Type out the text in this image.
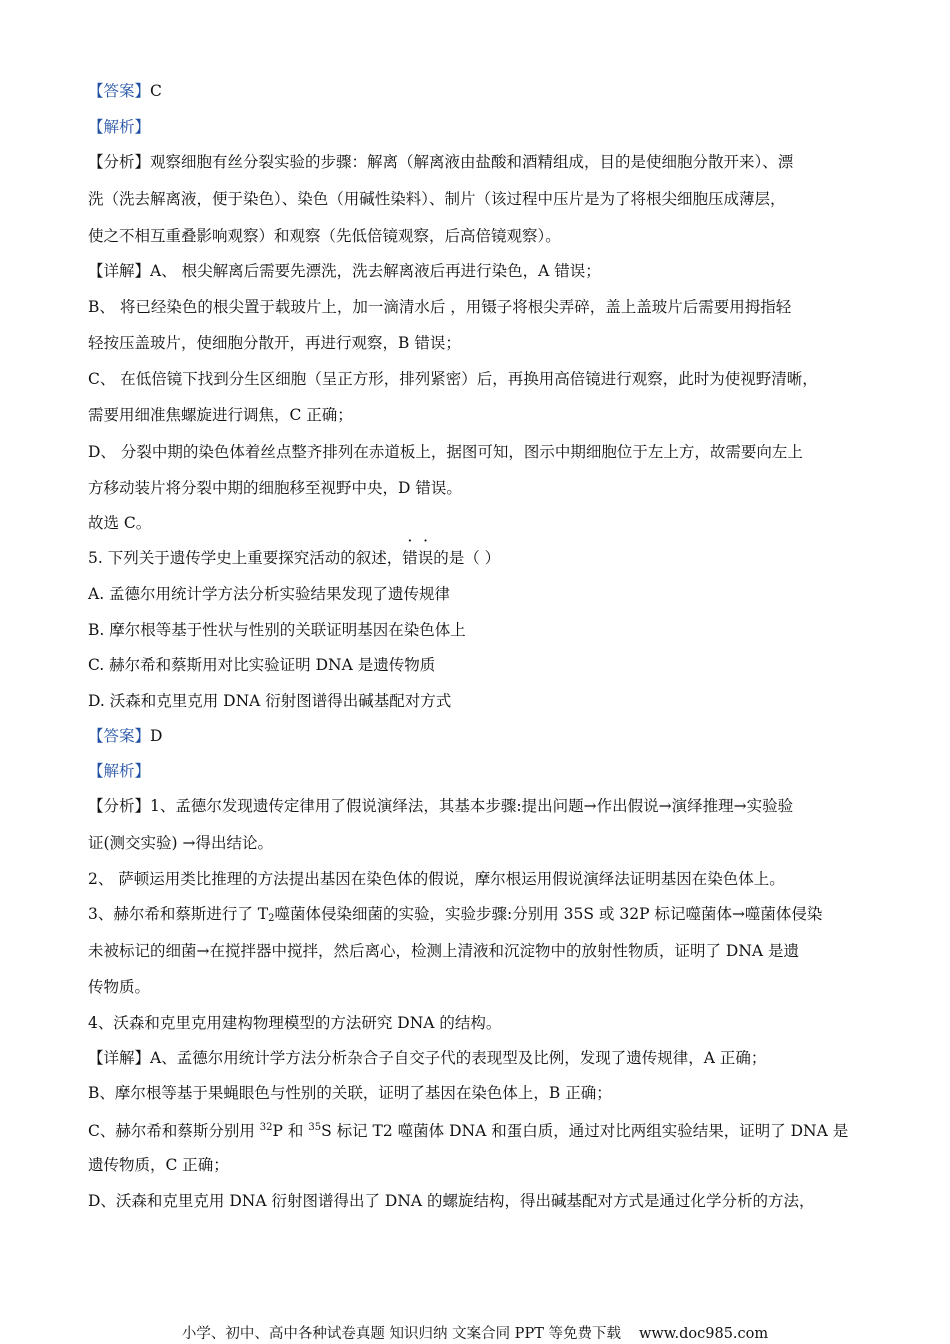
【答案】C
【解析】
【分析】观察细胞有丝分裂实验的步骤：解离（解离液由盐酸和酒精组成，目的是使细胞分散开来）、漂
洗（洗去解离液，便于染色）、染色（用碱性染料）、制片（该过程中压片是为了将根尖细胞压成薄层，
使之不相互重叠影响观察）和观察（先低倍镜观察，后高倍镜观察）。
【详解】A、 根尖解离后需要先漂洗，洗去解离液后再进行染色，A 错误；
B、 将已经染色的根尖置于载玻片上，加一滴清水后 ，用镊子将根尖弄碎，盖上盖玻片后需要用拇指轻
轻按压盖玻片，使细胞分散开，再进行观察，B 错误；
C、 在低倍镜下找到分生区细胞（呈正方形，排列紧密）后，再换用高倍镜进行观察，此时为使视野清晰，
需要用细准焦螺旋进行调焦，C 正确；
D、 分裂中期的染色体着丝点整齐排列在赤道板上，据图可知，图示中期细胞位于左上方，故需要向左上
方移动装片将分裂中期的细胞移至视野中央，D 错误。
故选 C。
5. 下列关于遗传学史上重要探究活动的叙述，错误的是（ ）
A. 孟德尔用统计学方法分析实验结果发现了遗传规律
B. 摩尔根等基于性状与性别的关联证明基因在染色体上
C. 赫尔希和蔡斯用对比实验证明 DNA 是遗传物质
D. 沃森和克里克用 DNA 衍射图谱得出碱基配对方式
【答案】D
【解析】
【分析】1、孟德尔发现遗传定律用了假说演绎法，其基本步骤:提出问题→作出假说→演绎推理→实验验
证(测交实验) →得出结论。
2、 萨顿运用类比推理的方法提出基因在染色体的假说，摩尔根运用假说演绎法证明基因在染色体上。
3、赫尔希和蔡斯进行了 $T_2$噬菌体侵染细菌的实验，实验步骤:分别用 35S 或 32P 标记噬菌体→噬菌体侵染
未被标记的细菌→在搅拌器中搅拌，然后离心，检测上清液和沉淀物中的放射性物质，证明了 DNA 是遗
传物质。
4、沃森和克里克用建构物理模型的方法研究 DNA 的结构。
【详解】A、孟德尔用统计学方法分析杂合子自交子代的表现型及比例，发现了遗传规律，A 正确；
B、摩尔根等基于果蝇眼色与性别的关联，证明了基因在染色体上，B 正确；
C、赫尔希和蔡斯分别用 $^{32}$P 和 $^{35}$S 标记 T2 噬菌体 DNA 和蛋白质，通过对比两组实验结果，证明了 DNA 是
遗传物质，C 正确；
D、沃森和克里克用 DNA 衍射图谱得出了 DNA 的螺旋结构，得出碱基配对方式是通过化学分析的方法，
小学、初中、高中各种试卷真题 知识归纳 文案合同 PPT 等免费下载 www.doc985.com
